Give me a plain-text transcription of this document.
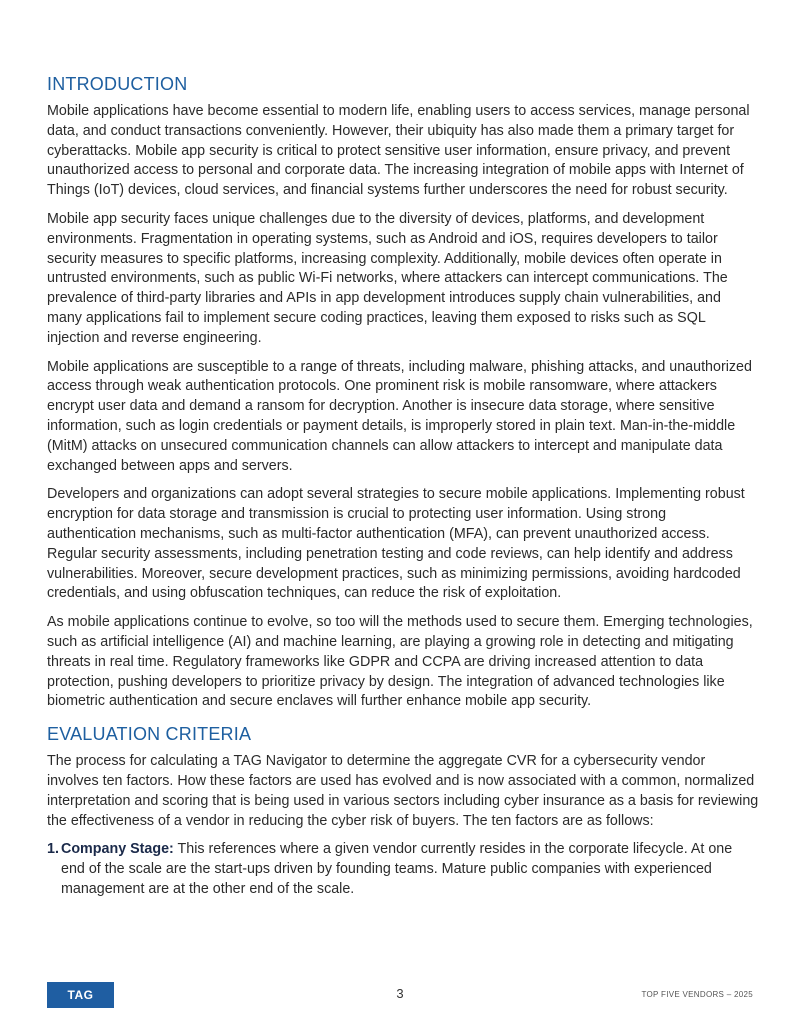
INTRODUCTION

Mobile applications have become essential to modern life, enabling users to access services, manage personal data, and conduct transactions conveniently. However, their ubiquity has also made them a primary target for cyberattacks. Mobile app security is critical to protect sensitive user information, ensure privacy, and prevent unauthorized access to personal and corporate data. The increasing integration of mobile apps with Internet of Things (IoT) devices, cloud services, and financial systems further underscores the need for robust security.

Mobile app security faces unique challenges due to the diversity of devices, platforms, and development environments. Fragmentation in operating systems, such as Android and iOS, requires developers to tailor security measures to specific platforms, increasing complexity. Additionally, mobile devices often operate in untrusted environments, such as public Wi-Fi networks, where attackers can intercept communications. The prevalence of third-party libraries and APIs in app development introduces supply chain vulnerabilities, and many applications fail to implement secure coding practices, leaving them exposed to risks such as SQL injection and reverse engineering.

Mobile applications are susceptible to a range of threats, including malware, phishing attacks, and unauthorized access through weak authentication protocols. One prominent risk is mobile ransomware, where attackers encrypt user data and demand a ransom for decryption. Another is insecure data storage, where sensitive information, such as login credentials or payment details, is improperly stored in plain text. Man-in-the-middle (MitM) attacks on unsecured communication channels can allow attackers to intercept and manipulate data exchanged between apps and servers.

Developers and organizations can adopt several strategies to secure mobile applications. Implementing robust encryption for data storage and transmission is crucial to protecting user information. Using strong authentication mechanisms, such as multi-factor authentication (MFA), can prevent unauthorized access. Regular security assessments, including penetration testing and code reviews, can help identify and address vulnerabilities. Moreover, secure development practices, such as minimizing permissions, avoiding hardcoded credentials, and using obfuscation techniques, can reduce the risk of exploitation.

As mobile applications continue to evolve, so too will the methods used to secure them. Emerging technologies, such as artificial intelligence (AI) and machine learning, are playing a growing role in detecting and mitigating threats in real time. Regulatory frameworks like GDPR and CCPA are driving increased attention to data protection, pushing developers to prioritize privacy by design. The integration of advanced technologies like biometric authentication and secure enclaves will further enhance mobile app security.

EVALUATION CRITERIA

The process for calculating a TAG Navigator to determine the aggregate CVR for a cybersecurity vendor involves ten factors. How these factors are used has evolved and is now associated with a common, normalized interpretation and scoring that is being used in various sectors including cyber insurance as a basis for reviewing the effectiveness of a vendor in reducing the cyber risk of buyers. The ten factors are as follows:

1. Company Stage: This references where a given vendor currently resides in the corporate lifecycle. At one end of the scale are the start-ups driven by founding teams. Mature public companies with experienced management are at the other end of the scale.
TAG	3	TOP FIVE VENDORS – 2025
